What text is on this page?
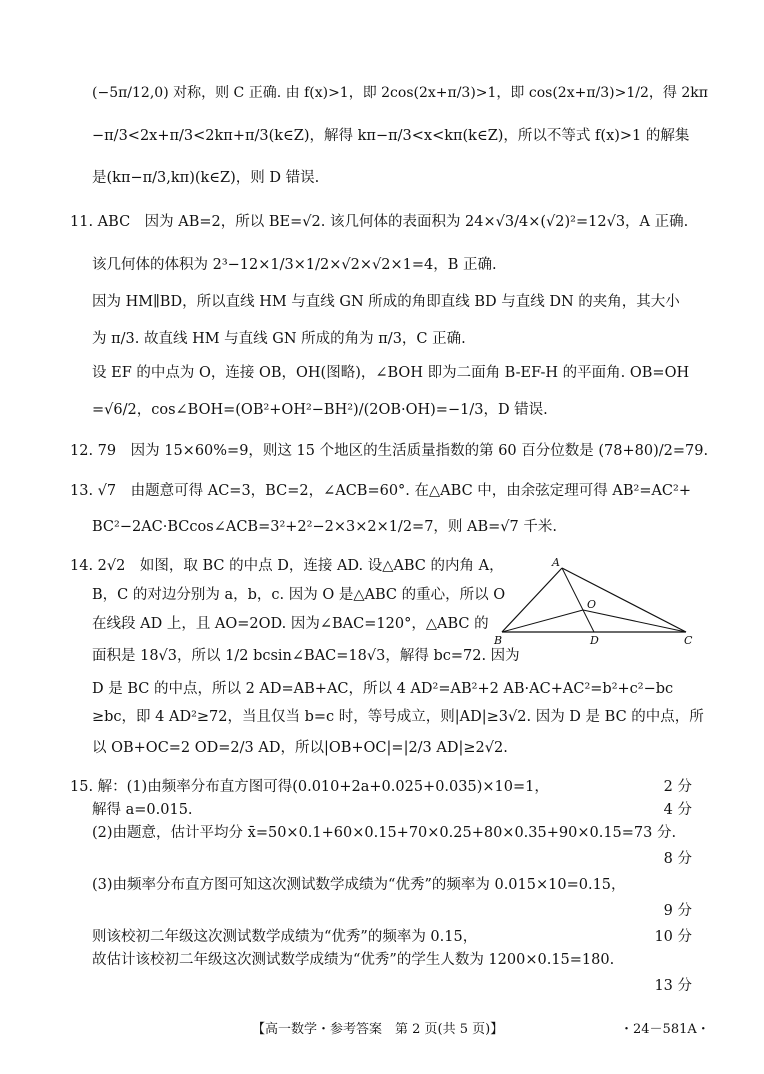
(−5π/12,0) 对称，则 C 正确. 由 f(x)>1，即 2cos(2x+π/3)>1，即 cos(2x+π/3)>1/2，得 2kπ
−π/3<2x+π/3<2kπ+π/3(k∈Z)，解得 kπ−π/3<x<kπ(k∈Z)，所以不等式 f(x)>1 的解集
是(kπ−π/3,kπ)(k∈Z)，则 D 错误.
11. ABC　因为 AB=2，所以 BE=√2. 该几何体的表面积为 24×√3/4×(√2)²=12√3，A 正确.
该几何体的体积为 2³−12×1/3×1/2×√2×√2×1=4，B 正确.
因为 HM∥BD，所以直线 HM 与直线 GN 所成的角即直线 BD 与直线 DN 的夹角，其大小
为 π/3. 故直线 HM 与直线 GN 所成的角为 π/3，C 正确.
设 EF 的中点为 O，连接 OB，OH(图略)，∠BOH 即为二面角 B-EF-H 的平面角. OB=OH
=√6/2，cos∠BOH=(OB²+OH²−BH²)/(2OB·OH)=−1/3，D 错误.
12. 79　因为 15×60%=9，则这 15 个地区的生活质量指数的第 60 百分位数是 (78+80)/2=79.
13. √7　由题意可得 AC=3，BC=2，∠ACB=60°. 在△ABC 中，由余弦定理可得 AB²=AC²+
BC²−2AC·BCcos∠ACB=3²+2²−2×3×2×1/2=7，则 AB=√7 千米.
14. 2√2　如图，取 BC 的中点 D，连接 AD. 设△ABC 的内角 A，
B，C 的对边分别为 a，b，c. 因为 O 是△ABC 的重心，所以 O
在线段 AD 上，且 AO=2OD. 因为∠BAC=120°，△ABC 的
面积是 18√3，所以 1/2 bcsin∠BAC=18√3，解得 bc=72. 因为
D 是 BC 的中点，所以 2 AD=AB+AC，所以 4 AD²=AB²+2 AB·AC+AC²=b²+c²−bc
≥bc，即 4 AD²≥72，当且仅当 b=c 时，等号成立，则|AD|≥3√2. 因为 D 是 BC 的中点，所
以 OB+OC=2 OD=2/3 AD，所以|OB+OC|=|2/3 AD|≥2√2.
15. 解：(1)由频率分布直方图可得(0.010+2a+0.025+0.035)×10=1，
解得 a=0.015.
(2)由题意，估计平均分 x̄=50×0.1+60×0.15+70×0.25+80×0.35+90×0.15=73 分.
(3)由频率分布直方图可知这次测试数学成绩为“优秀”的频率为 0.015×10=0.15，
则该校初二年级这次测试数学成绩为“优秀”的频率为 0.15，
故估计该校初二年级这次测试数学成绩为“优秀”的学生人数为 1200×0.15=180.
2 分
4 分
8 分
9 分
10 分
13 分
A
B	C
D
O
【高一数学・参考答案　第 2 页(共 5 页)】	・24－581A・
